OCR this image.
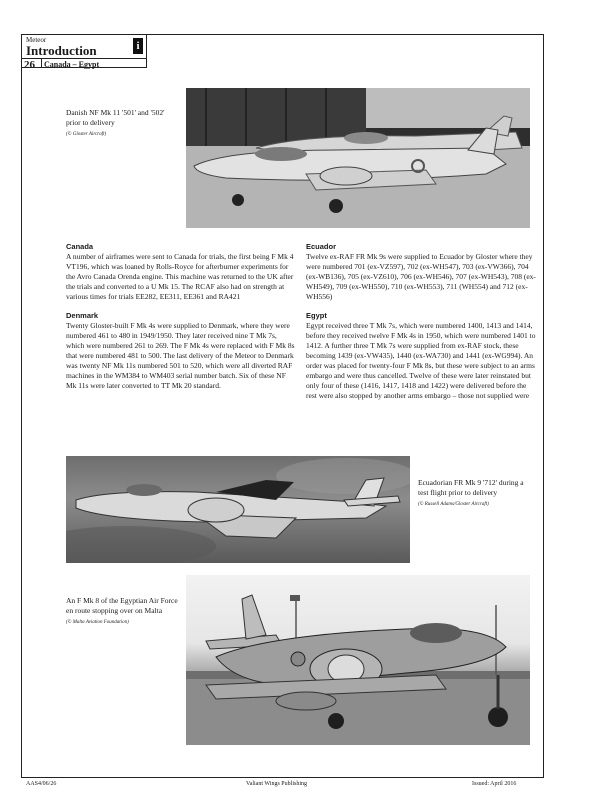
Meteor
Introduction	i
26 Canada – Egypt
Danish NF Mk 11 '501' and '502' prior to delivery
(© Gloster Aircraft)
Canada

A number of airframes were sent to Canada for trials, the first being F Mk 4 VT196, which was loaned by Rolls-Royce for afterburner experiments for the Avro Canada Orenda engine. This machine was returned to the UK after the trials and converted to a U Mk 15. The RCAF also had on strength at various times for trials EE282, EE311, EE361 and RA421

Denmark

Twenty Gloster-built F Mk 4s were supplied to Denmark, where they were numbered 461 to 480 in 1949/1950. They later received nine T Mk 7s, which were numbered 261 to 269. The F Mk 4s were replaced with F Mk 8s that were numbered 481 to 500. The last delivery of the Meteor to Denmark was twenty NF Mk 11s numbered 501 to 520, which were all diverted RAF machines in the WM384 to WM403 serial number batch. Six of these NF Mk 11s were later converted to TT Mk 20 standard.

Ecuador

Twelve ex-RAF FR Mk 9s were supplied to Ecuador by Gloster where they were numbered 701 (ex-VZ597), 702 (ex-WH547), 703 (ex-VW366), 704 (ex-WB136), 705 (ex-VZ610), 706 (ex-WH546), 707 (ex-WH543), 708 (ex-WH549), 709 (ex-WH550), 710 (ex-WH553), 711 (WH554) and 712 (ex-WH556)

Egypt

Egypt received three T Mk 7s, which were numbered 1400, 1413 and 1414, before they received twelve F Mk 4s in 1950, which were numbered 1401 to 1412. A further three T Mk 7s were supplied from ex-RAF stock, these becoming 1439 (ex-VW435), 1440 (ex-WA730) and 1441 (ex-WG994). An order was placed for twenty-four F Mk 8s, but these were subject to an arms embargo and were thus cancelled. Twelve of these were later reinstated but only four of these (1416, 1417, 1418 and 1422) were delivered before the rest were also stopped by another arms embargo – those not supplied were

Ecuadorian FR Mk 9 '712' during a test flight prior to delivery
(© Russell Adams/Gloster Aircraft)
An F Mk 8 of the Egyptian Air Force en route stopping over on Malta
(© Malta Aviation Foundation)
AAS4/06/26	Valiant Wings Publishing	Issued: April 2016
